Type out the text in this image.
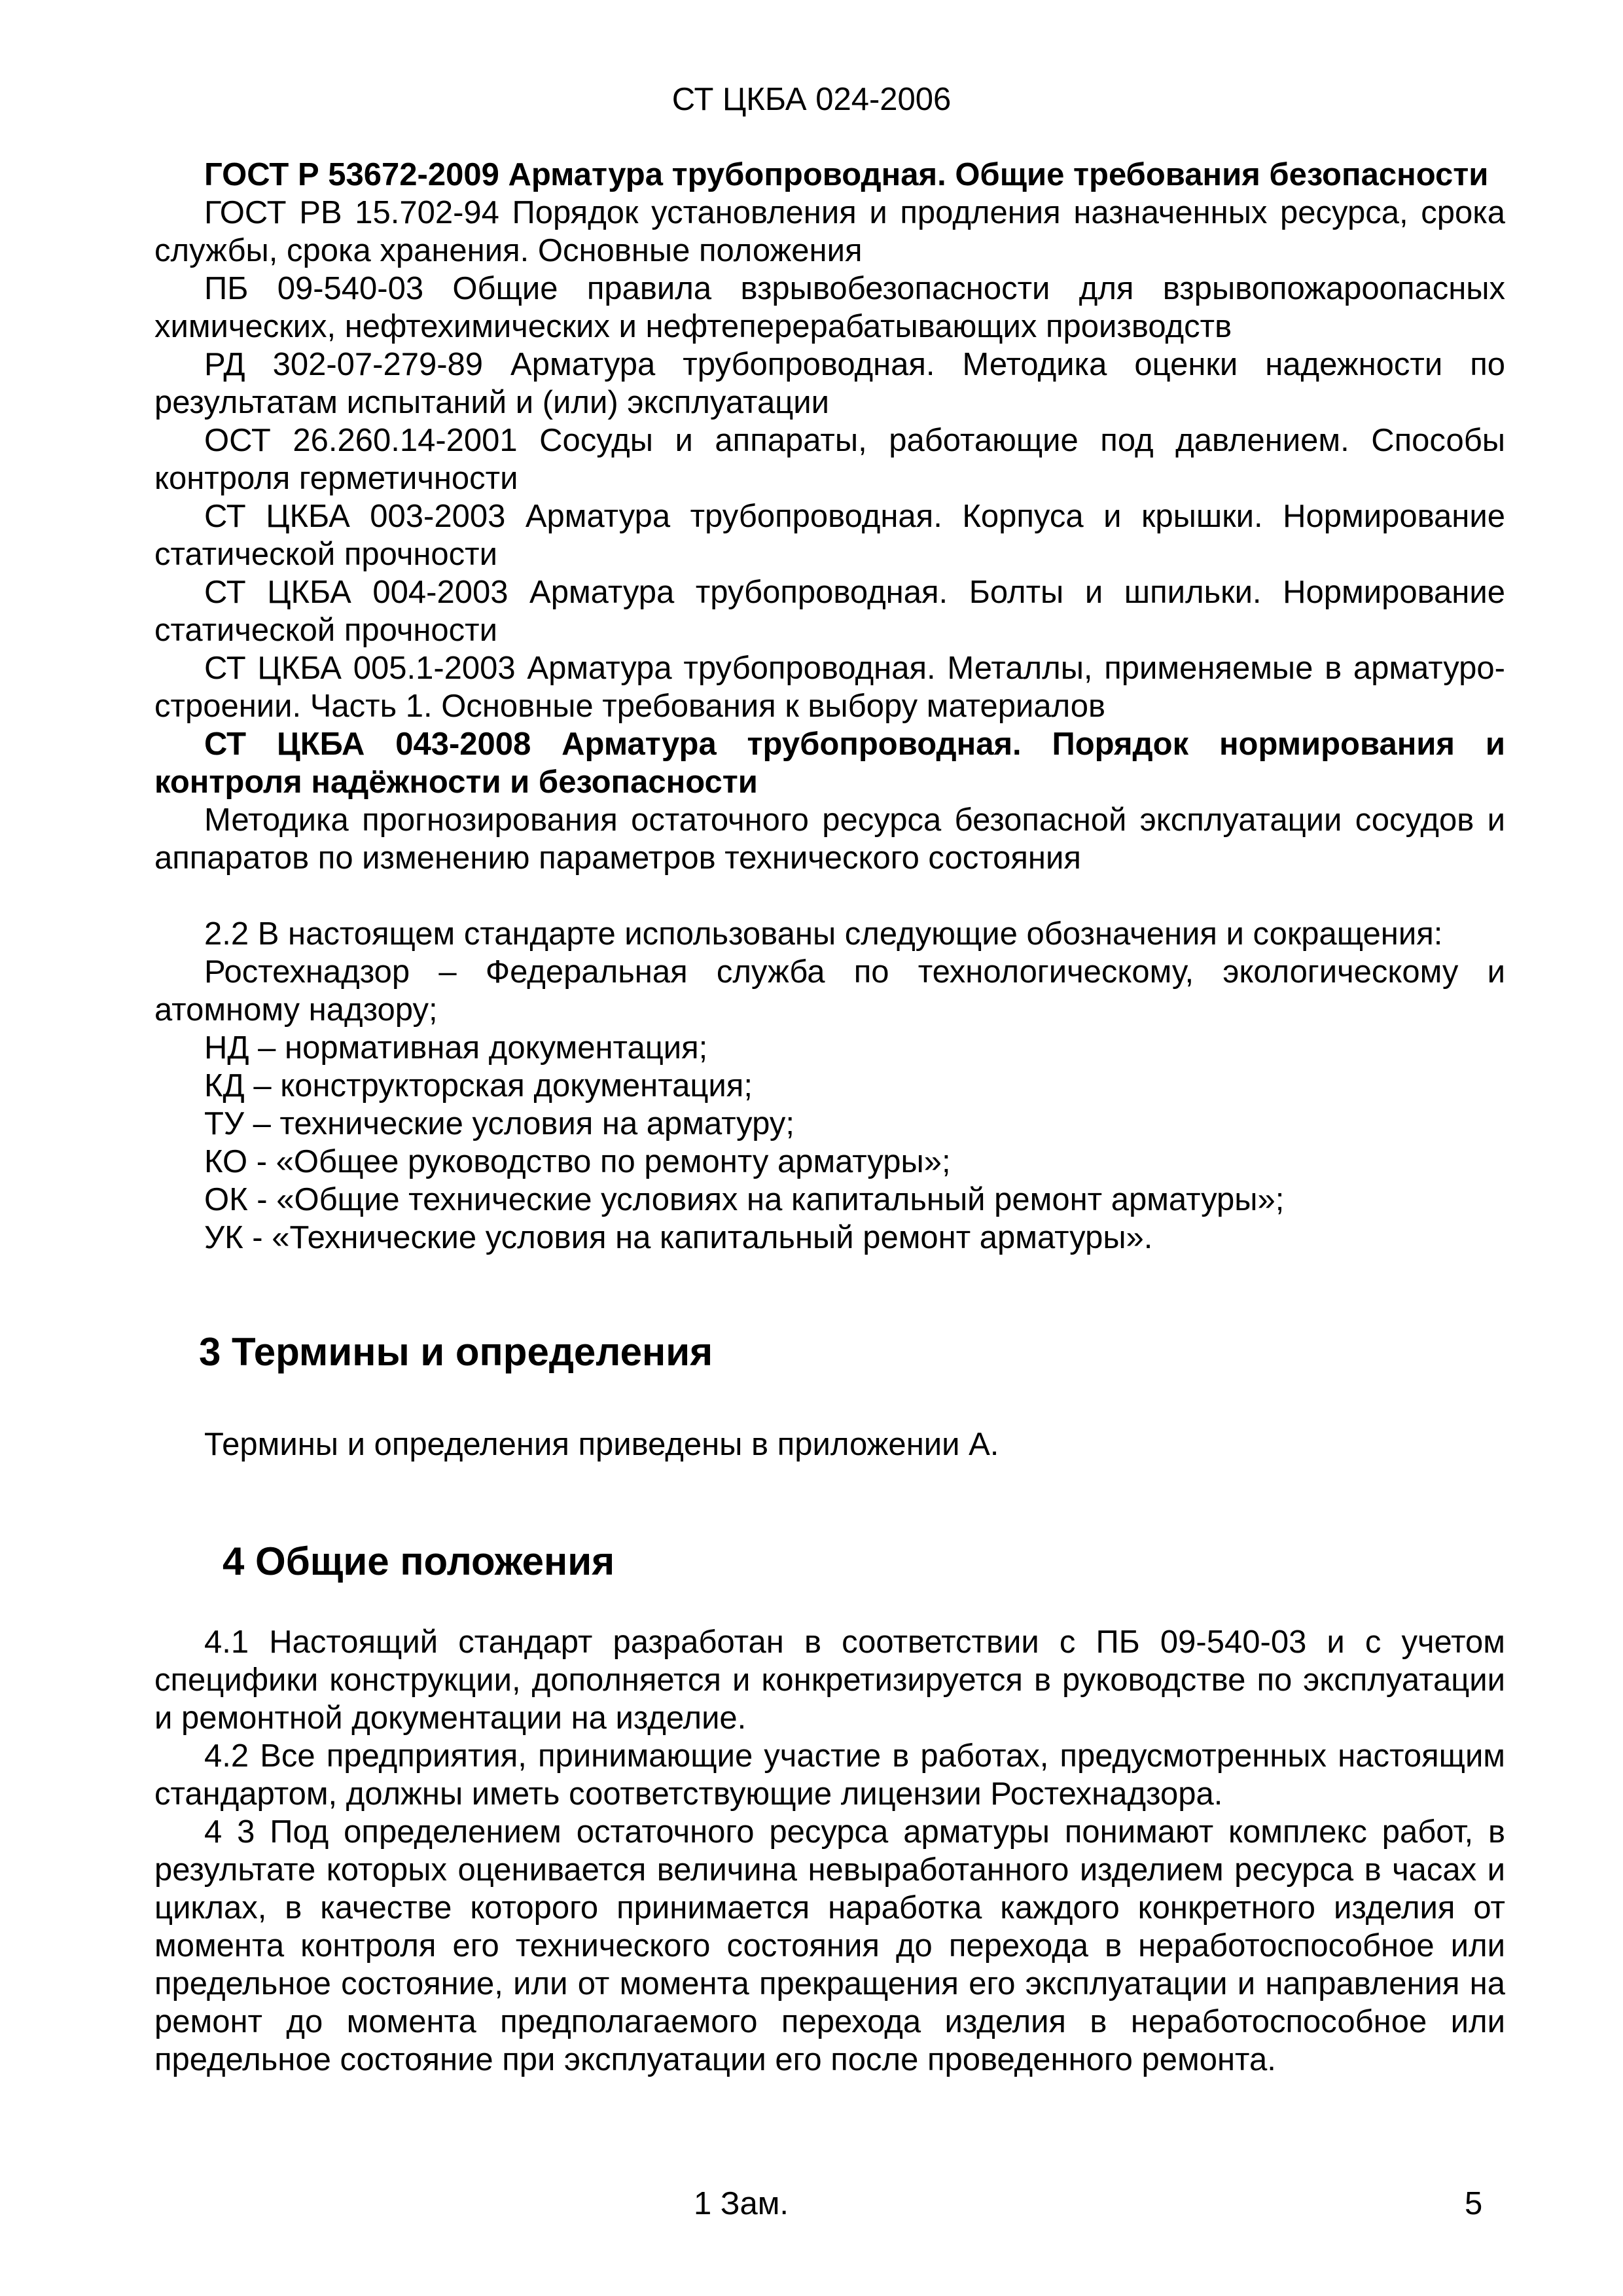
СТ ЦКБА 024-2006

ГОСТ Р 53672-2009 Арматура трубопроводная. Общие требования безопасности

ГОСТ РВ 15.702-94 Порядок установления и продления назначенных ресурса, срока службы, срока хранения. Основные положения

ПБ 09-540-03 Общие правила взрывобезопасности для взрывопожароопасных химических, нефтехимических и нефтеперерабатывающих производств

РД 302-07-279-89 Арматура трубопроводная. Методика оценки надежности по результатам испытаний и (или) эксплуатации

ОСТ 26.260.14-2001 Сосуды и аппараты, работающие под давлением. Способы контроля герметичности

СТ ЦКБА 003-2003 Арматура трубопроводная. Корпуса и крышки. Нормирование статической прочности

СТ ЦКБА 004-2003 Арматура трубопроводная. Болты и шпильки. Нормирование статической прочности

СТ ЦКБА 005.1-2003 Арматура трубопроводная. Металлы, применяемые в арматуро-строении. Часть 1. Основные требования к выбору материалов

СТ ЦКБА 043-2008 Арматура трубопроводная. Порядок нормирования и контроля надёжности и безопасности

Методика прогнозирования остаточного ресурса безопасной эксплуатации сосудов и аппаратов по изменению параметров технического состояния

2.2 В настоящем стандарте использованы следующие обозначения и сокращения:

Ростехнадзор – Федеральная служба по технологическому, экологическому и атомному надзору;

НД – нормативная документация;

КД – конструкторская документация;

ТУ – технические условия на арматуру;

КО - «Общее руководство по ремонту арматуры»;

ОК - «Общие технические условиях на капитальный ремонт арматуры»;

УК - «Технические условия на капитальный ремонт арматуры».

3 Термины и определения

Термины и определения приведены в приложении А.

4 Общие положения

4.1 Настоящий стандарт разработан в соответствии с ПБ 09-540-03 и с учетом специфики конструкции, дополняется и конкретизируется в руководстве по эксплуатации и ремонтной документации на изделие.

4.2 Все предприятия, принимающие участие в работах, предусмотренных настоящим стандартом, должны иметь соответствующие лицензии Ростехнадзора.

4 3 Под определением остаточного ресурса арматуры понимают комплекс работ, в результате которых оценивается величина невыработанного изделием ресурса в часах и циклах, в качестве которого принимается наработка каждого конкретного изделия от момента контроля его технического состояния до перехода в неработоспособное или предельное состояние, или от момента прекращения его эксплуатации и направления на ремонт до момента предполагаемого перехода изделия в неработоспособное или предельное состояние при эксплуатации его после проведенного ремонта.

1 Зам.	5
